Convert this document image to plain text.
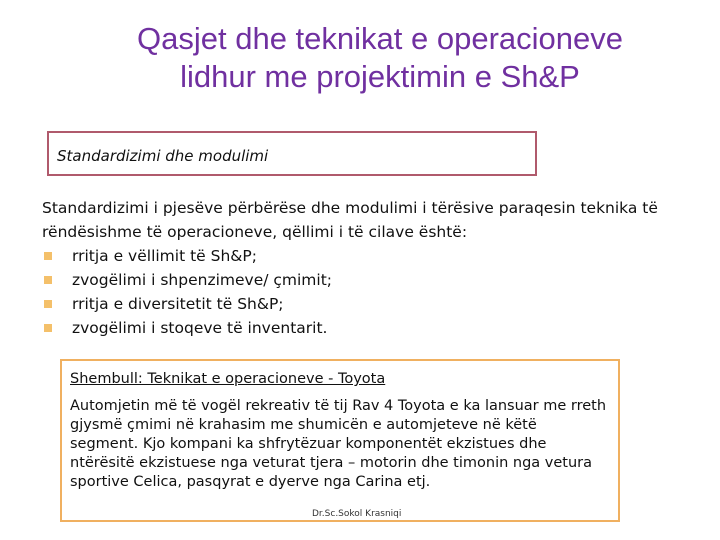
Qasjet dhe teknikat e operacioneve
lidhur me projektimin e Sh&P
Standardizimi dhe modulimi

Standardizimi i pjesëve përbërëse dhe modulimi i tërësive paraqesin teknika të rëndësishme të operacioneve, qëllimi i të cilave është:

rritja e vëllimit të Sh&P;
zvogëlimi i shpenzimeve/ çmimit;
rritja e diversitetit të Sh&P;
zvogëlimi i stoqeve të inventarit.
Shembull: Teknikat e operacioneve - Toyota

Automjetin më të vogël rekreativ të tij Rav 4 Toyota e ka lansuar me rreth gjysmë çmimi në krahasim me shumicën e automjeteve në këtë segment. Kjo kompani ka shfrytëzuar komponentët ekzistues dhe ntërësitë ekzistuese nga veturat tjera – motorin dhe timonin nga vetura sportive Celica, pasqyrat e dyerve nga Carina etj.

Dr.Sc.Sokol Krasniqi
